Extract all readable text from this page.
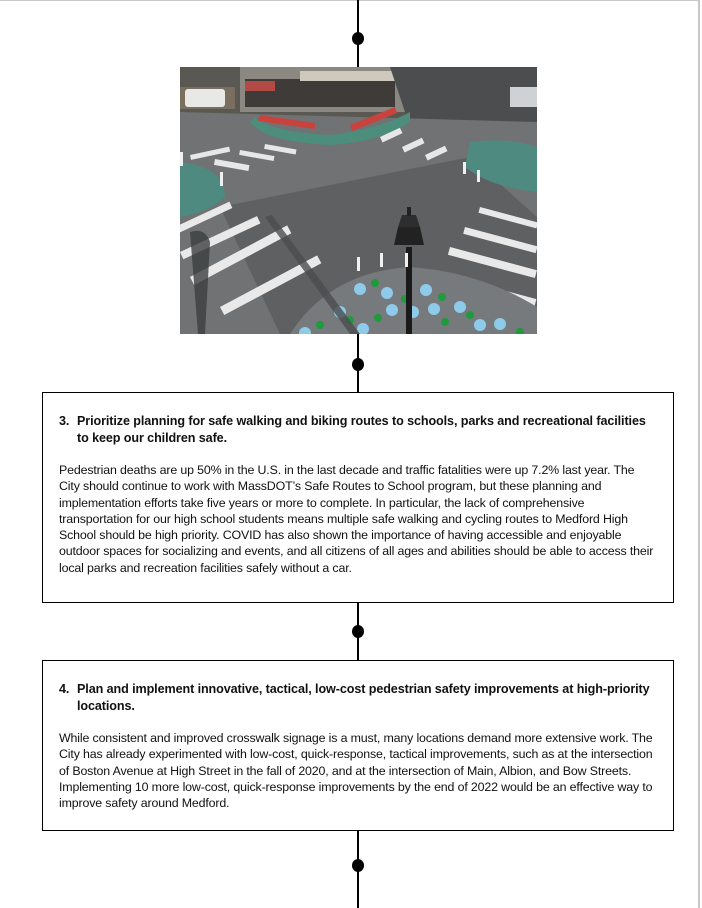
3. Prioritize planning for safe walking and biking routes to schools, parks and recreational facilities to keep our children safe.

Pedestrian deaths are up 50% in the U.S. in the last decade and traffic fatalities were up 7.2% last year. The City should continue to work with MassDOT’s Safe Routes to School program, but these planning and implementation efforts take five years or more to complete. In particular, the lack of comprehensive transportation for our high school students means multiple safe walking and cycling routes to Medford High School should be high priority. COVID has also shown the importance of having accessible and enjoyable outdoor spaces for socializing and events, and all citizens of all ages and abilities should be able to access their local parks and recreation facilities safely without a car.

4. Plan and implement innovative, tactical, low-cost pedestrian safety improvements at high-priority locations.

While consistent and improved crosswalk signage is a must, many locations demand more extensive work. The City has already experimented with low-cost, quick-response, tactical improvements, such as at the intersection of Boston Avenue at High Street in the fall of 2020, and at the intersection of Main, Albion, and Bow Streets. Implementing 10 more low-cost, quick-response improvements by the end of 2022 would be an effective way to improve safety around Medford.
